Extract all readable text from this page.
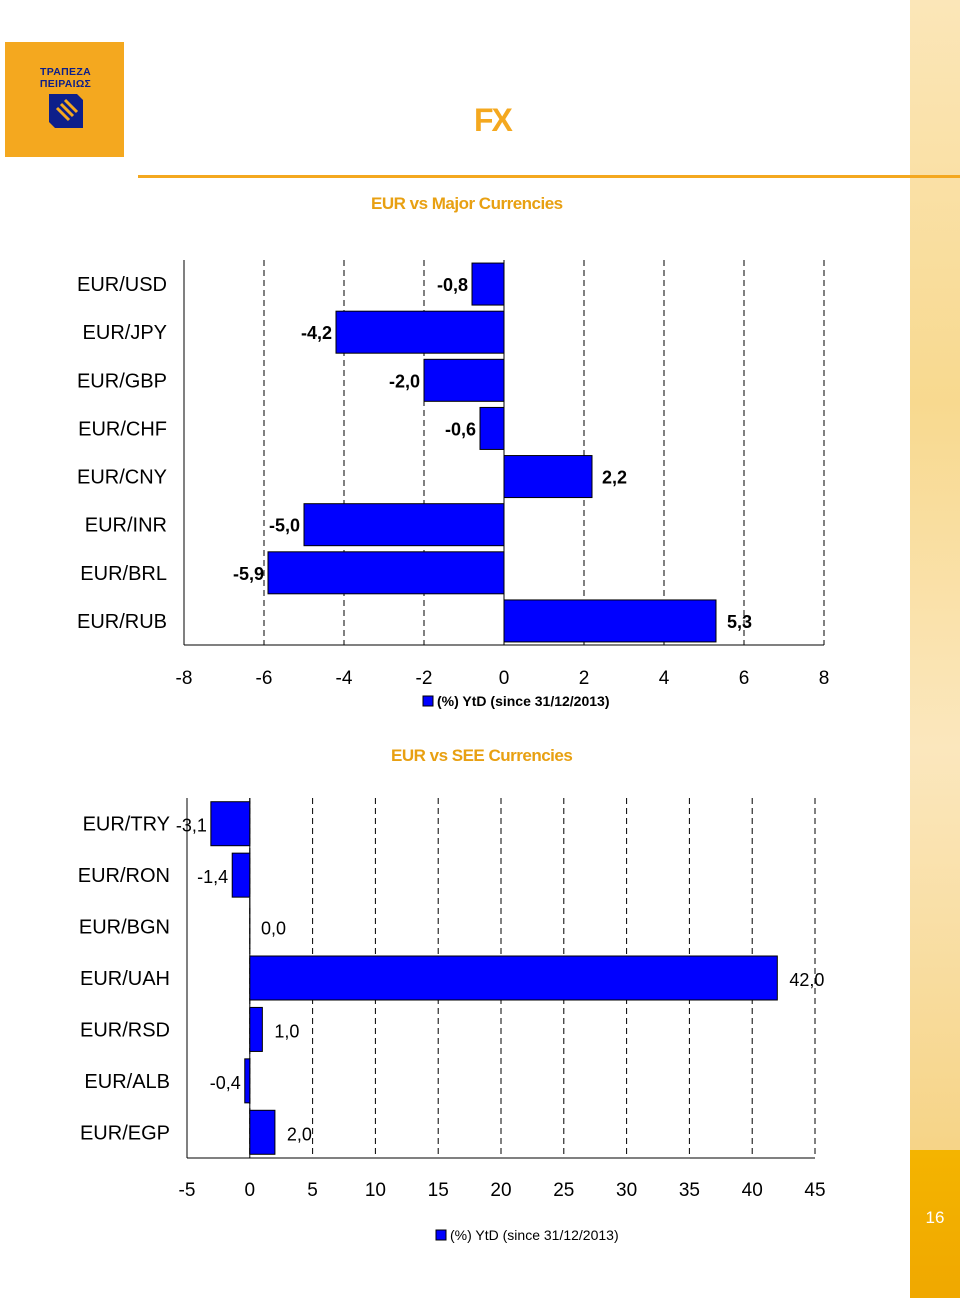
16
ΤΡΑΠΕΖΑ ΠΕΙΡΑΙΩΣ
FX
EUR vs Major Currencies
EUR vs SEE Currencies
EUR/USD	-0,8
EUR/JPY	-4,2
EUR/GBP	-2,0
EUR/CHF	-0,6
EUR/CNY	2,2
EUR/INR	-5,0
EUR/BRL	-5,9
EUR/RUB	5,3
-8	-6	-4	-2	0	2	4	6	8
(%) YtD (since 31/12/2013)
EUR/TRY -3,1
EUR/RON -1,4
EUR/BGN	0,0
EUR/UAH	42,0
EUR/RSD	1,0
EUR/ALB -0,4
EUR/EGP	2,0
-5	0	5 10 15 20 25 30 35 40 45
(%) YtD (since 31/12/2013)
